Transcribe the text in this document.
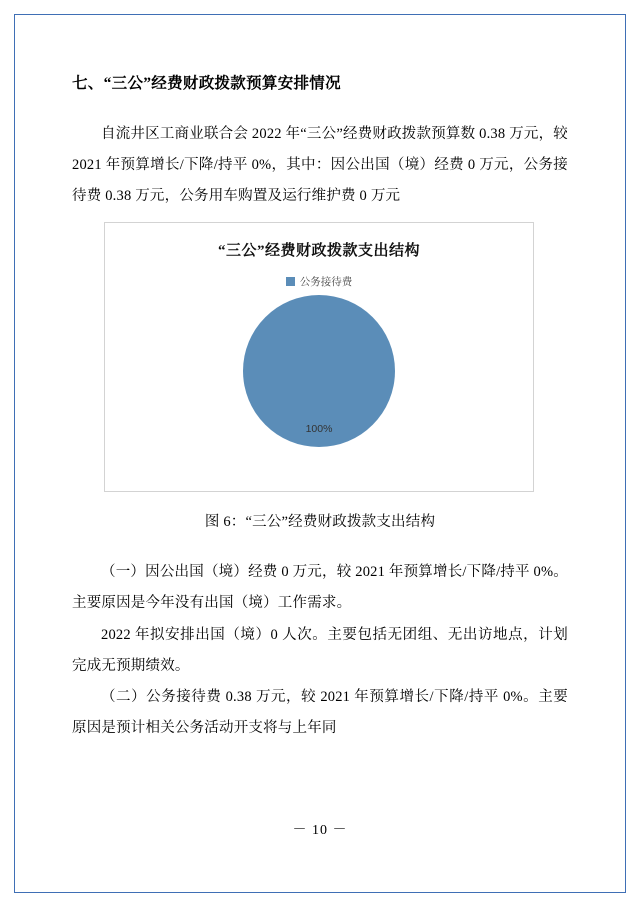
七、“三公”经费财政拨款预算安排情况

自流井区工商业联合会 2022 年“三公”经费财政拨款预算数 0.38 万元，较 2021 年预算增长/下降/持平 0%，其中：因公出国（境）经费 0 万元，公务接待费 0.38 万元，公务用车购置及运行维护费 0 万元

“三公”经费财政拨款支出结构
公务接待费
100%
图 6：“三公”经费财政拨款支出结构

（一）因公出国（境）经费 0 万元，较 2021 年预算增长/下降/持平 0%。主要原因是今年没有出国（境）工作需求。

2022 年拟安排出国（境）0 人次。主要包括无团组、无出访地点，计划完成无预期绩效。

（二）公务接待费 0.38 万元，较 2021 年预算增长/下降/持平 0%。主要原因是预计相关公务活动开支将与上年同

－ 10 －
